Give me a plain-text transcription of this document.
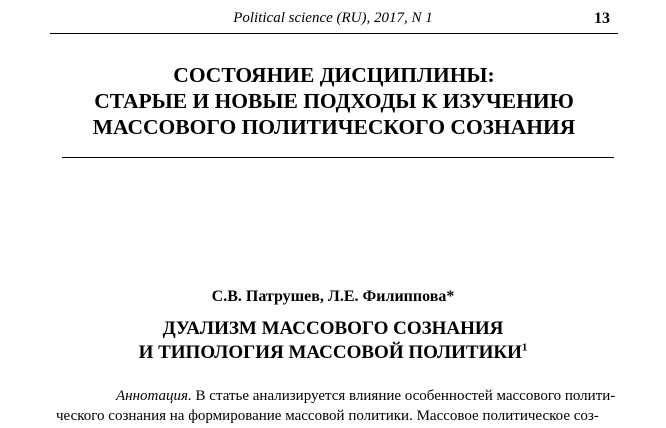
Political science (RU), 2017, N 1	13
СОСТОЯНИЕ ДИСЦИПЛИНЫ:
СТАРЫЕ И НОВЫЕ ПОДХОДЫ К ИЗУЧЕНИЮ
МАССОВОГО ПОЛИТИЧЕСКОГО СОЗНАНИЯ
С.В. Патрушев, Л.Е. Филиппова*
ДУАЛИЗМ МАССОВОГО СОЗНАНИЯ
И ТИПОЛОГИЯ МАССОВОЙ ПОЛИТИКИ$^1$
Аннотация. В статье анализируется влияние особенностей массового полити-
ческого сознания на формирование массовой политики. Массовое политическое соз-
